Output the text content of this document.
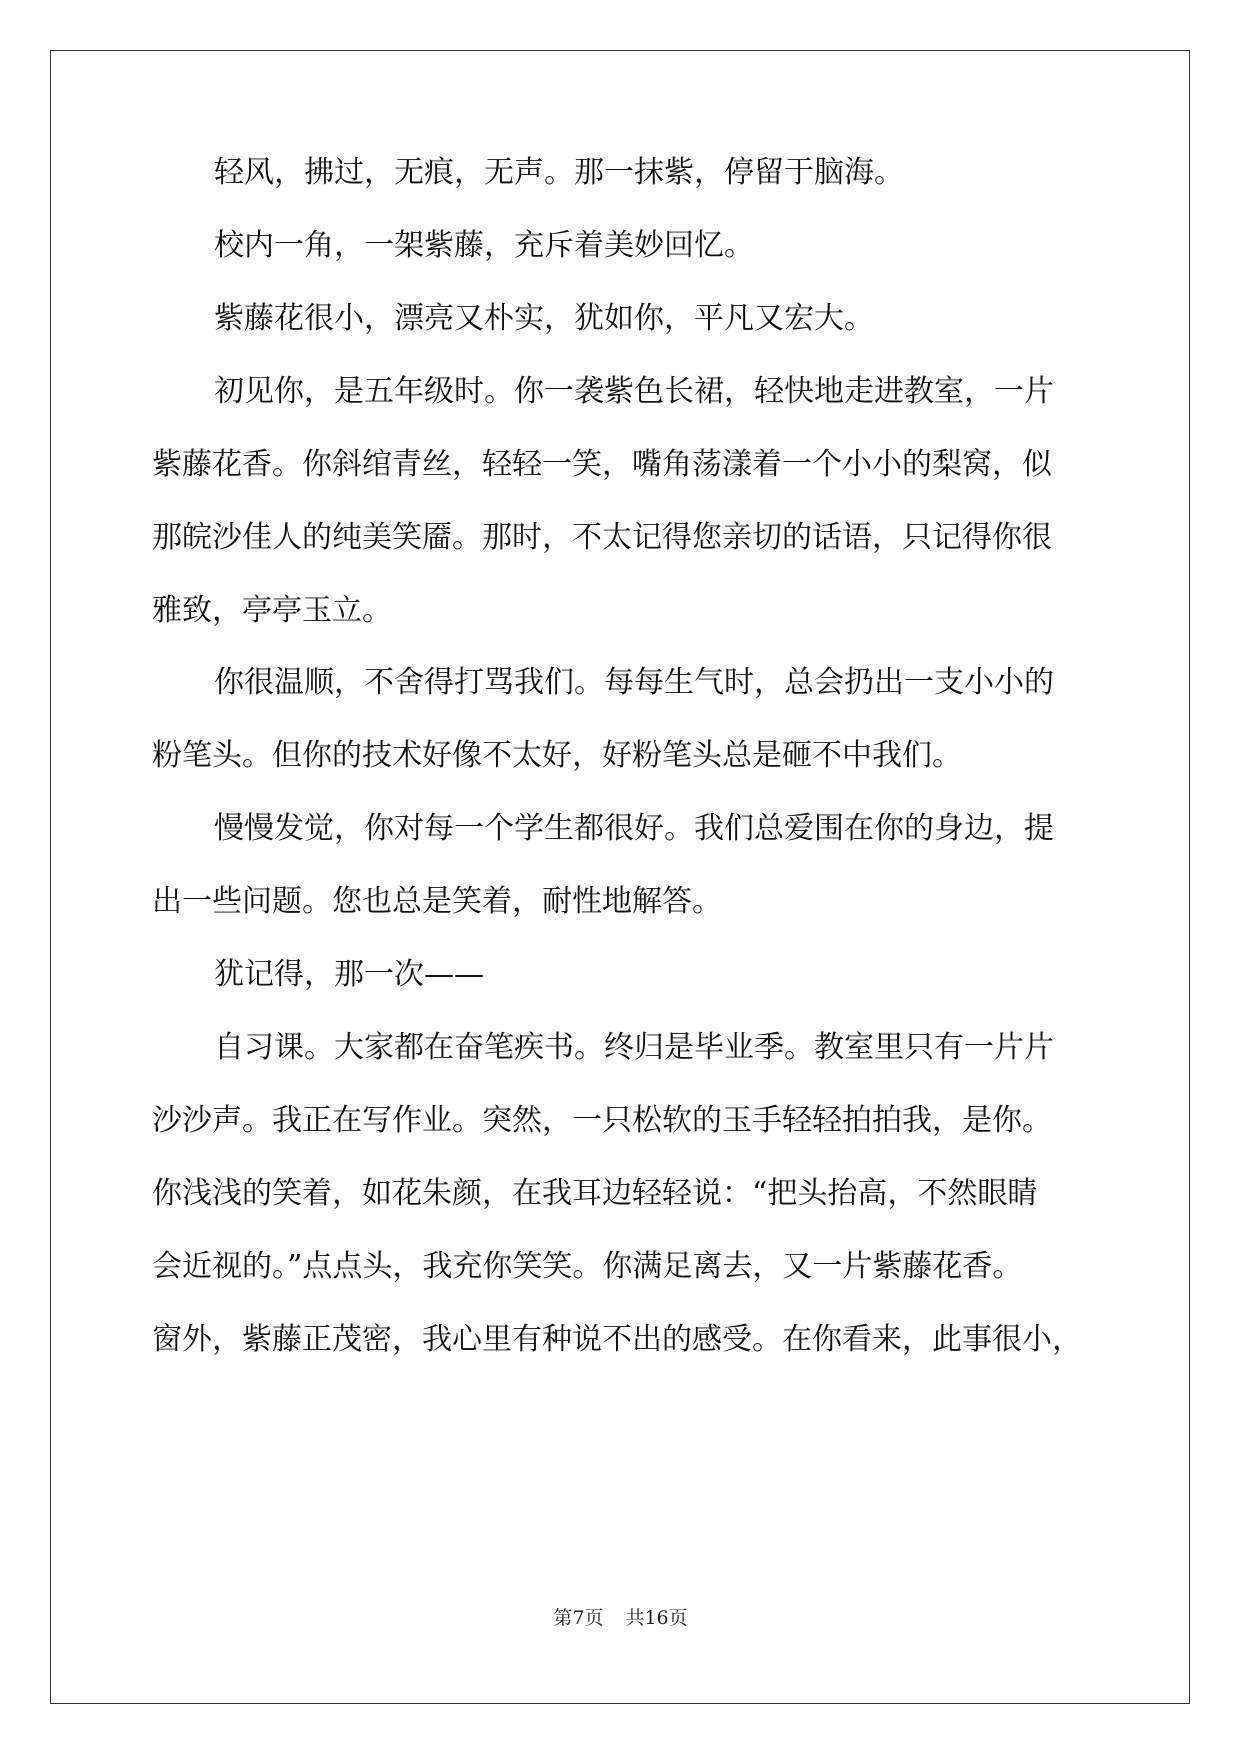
轻风，拂过，无痕，无声。那一抹紫，停留于脑海。
校内一角，一架紫藤，充斥着美妙回忆。
紫藤花很小，漂亮又朴实，犹如你，平凡又宏大。
初见你，是五年级时。你一袭紫色长裙，轻快地走进教室，一片
紫藤花香。你斜绾青丝，轻轻一笑，嘴角荡漾着一个小小的梨窝，似
那皖沙佳人的纯美笑靥。那时，不太记得您亲切的话语，只记得你很
雅致，亭亭玉立。
你很温顺，不舍得打骂我们。每每生气时，总会扔出一支小小的
粉笔头。但你的技术好像不太好，好粉笔头总是砸不中我们。
慢慢发觉，你对每一个学生都很好。我们总爱围在你的身边，提
出一些问题。您也总是笑着，耐性地解答。
犹记得，那一次——
自习课。大家都在奋笔疾书。终归是毕业季。教室里只有一片片
沙沙声。我正在写作业。突然，一只松软的玉手轻轻拍拍我，是你。
你浅浅的笑着，如花朱颜，在我耳边轻轻说：“把头抬高，不然眼睛
会近视的。”点点头，我充你笑笑。你满足离去，又一片紫藤花香。
窗外，紫藤正茂密，我心里有种说不出的感受。在你看来，此事很小，
第7页 共16页
